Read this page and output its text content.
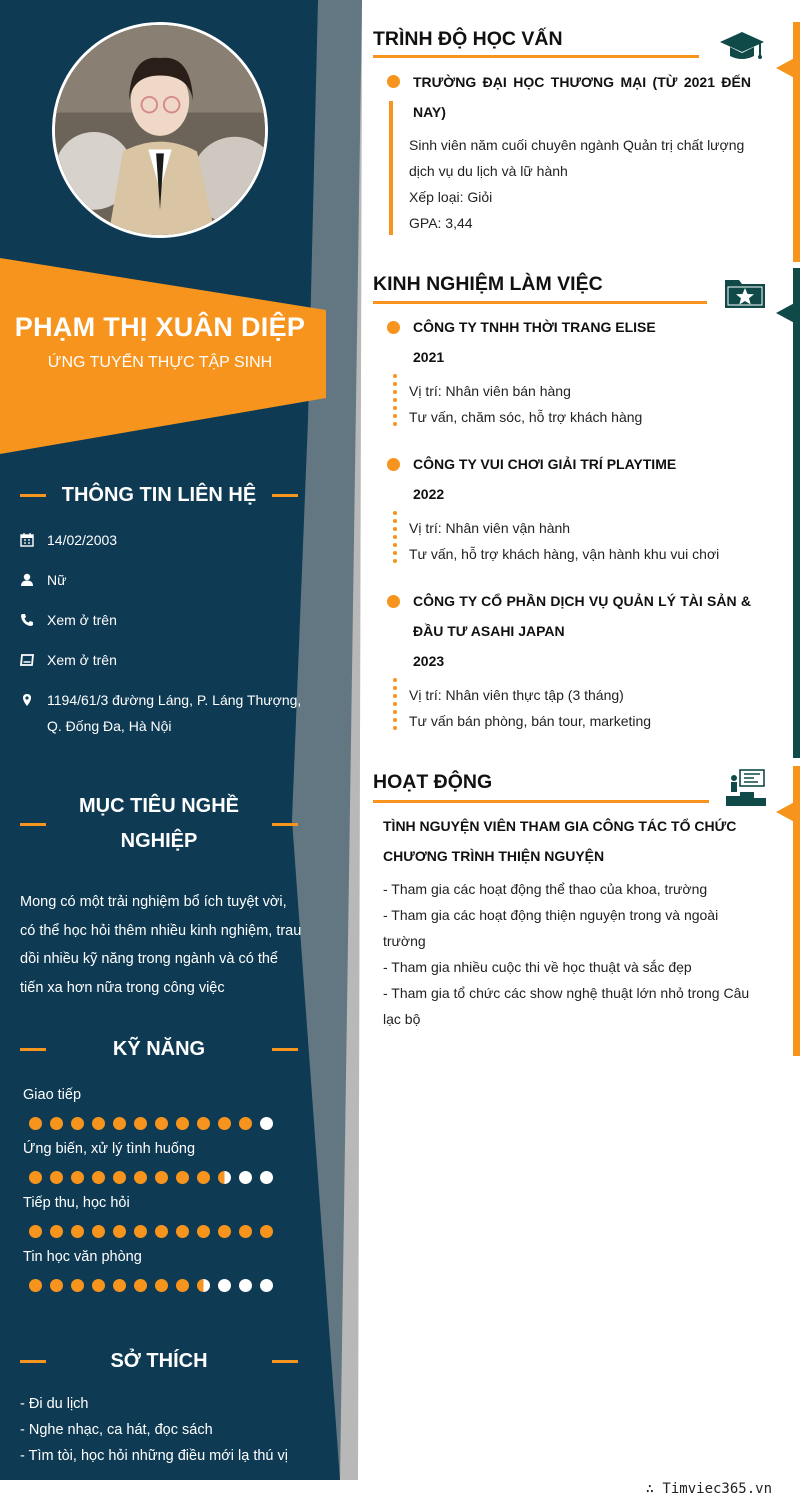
PHẠM THỊ XUÂN DIỆP
ỨNG TUYỂN THỰC TẬP SINH
THÔNG TIN LIÊN HỆ
14/02/2003
Nữ
Xem ở trên
Xem ở trên
1194/61/3 đường Láng, P. Láng Thượng, Q. Đống Đa, Hà Nội
MỤC TIÊU NGHỀ
NGHIỆP
Mong có một trải nghiệm bổ ích tuyệt vời, có thể học hỏi thêm nhiều kinh nghiệm, trau dồi nhiều kỹ năng trong ngành và có thể tiến xa hơn nữa trong công việc
KỸ NĂNG
Giao tiếp
Ứng biến, xử lý tình huống
Tiếp thu, học hỏi
Tin học văn phòng
SỞ THÍCH
- Đi du lịch
- Nghe nhạc, ca hát, đọc sách
- Tìm tòi, học hỏi những điều mới lạ thú vị
TRÌNH ĐỘ HỌC VẤN
TRƯỜNG ĐẠI HỌC THƯƠNG MẠI (TỪ 2021 ĐẾN NAY)
Sinh viên năm cuối chuyên ngành Quản trị chất lượng dịch vụ du lịch và lữ hành
Xếp loại: Giỏi
GPA: 3,44
KINH NGHIỆM LÀM VIỆC
CÔNG TY TNHH THỜI TRANG ELISE
2021
Vị trí: Nhân viên bán hàng
Tư vấn, chăm sóc, hỗ trợ khách hàng
CÔNG TY VUI CHƠI GIẢI TRÍ PLAYTIME
2022
Vị trí: Nhân viên vận hành
Tư vấn, hỗ trợ khách hàng, vận hành khu vui chơi
CÔNG TY CỔ PHẦN DỊCH VỤ QUẢN LÝ TÀI SẢN & ĐẦU TƯ ASAHI JAPAN
2023
Vị trí: Nhân viên thực tập (3 tháng)
Tư vấn bán phòng, bán tour, marketing
HOẠT ĐỘNG
TÌNH NGUYỆN VIÊN THAM GIA CÔNG TÁC TỔ CHỨC CHƯƠNG TRÌNH THIỆN NGUYỆN
- Tham gia các hoạt động thể thao của khoa, trường
- Tham gia các hoạt động thiện nguyện trong và ngoài trường
- Tham gia nhiều cuộc thi về học thuật và sắc đẹp
- Tham gia tổ chức các show nghệ thuật lớn nhỏ trong Câu lạc bộ
∴ Timviec365.vn
